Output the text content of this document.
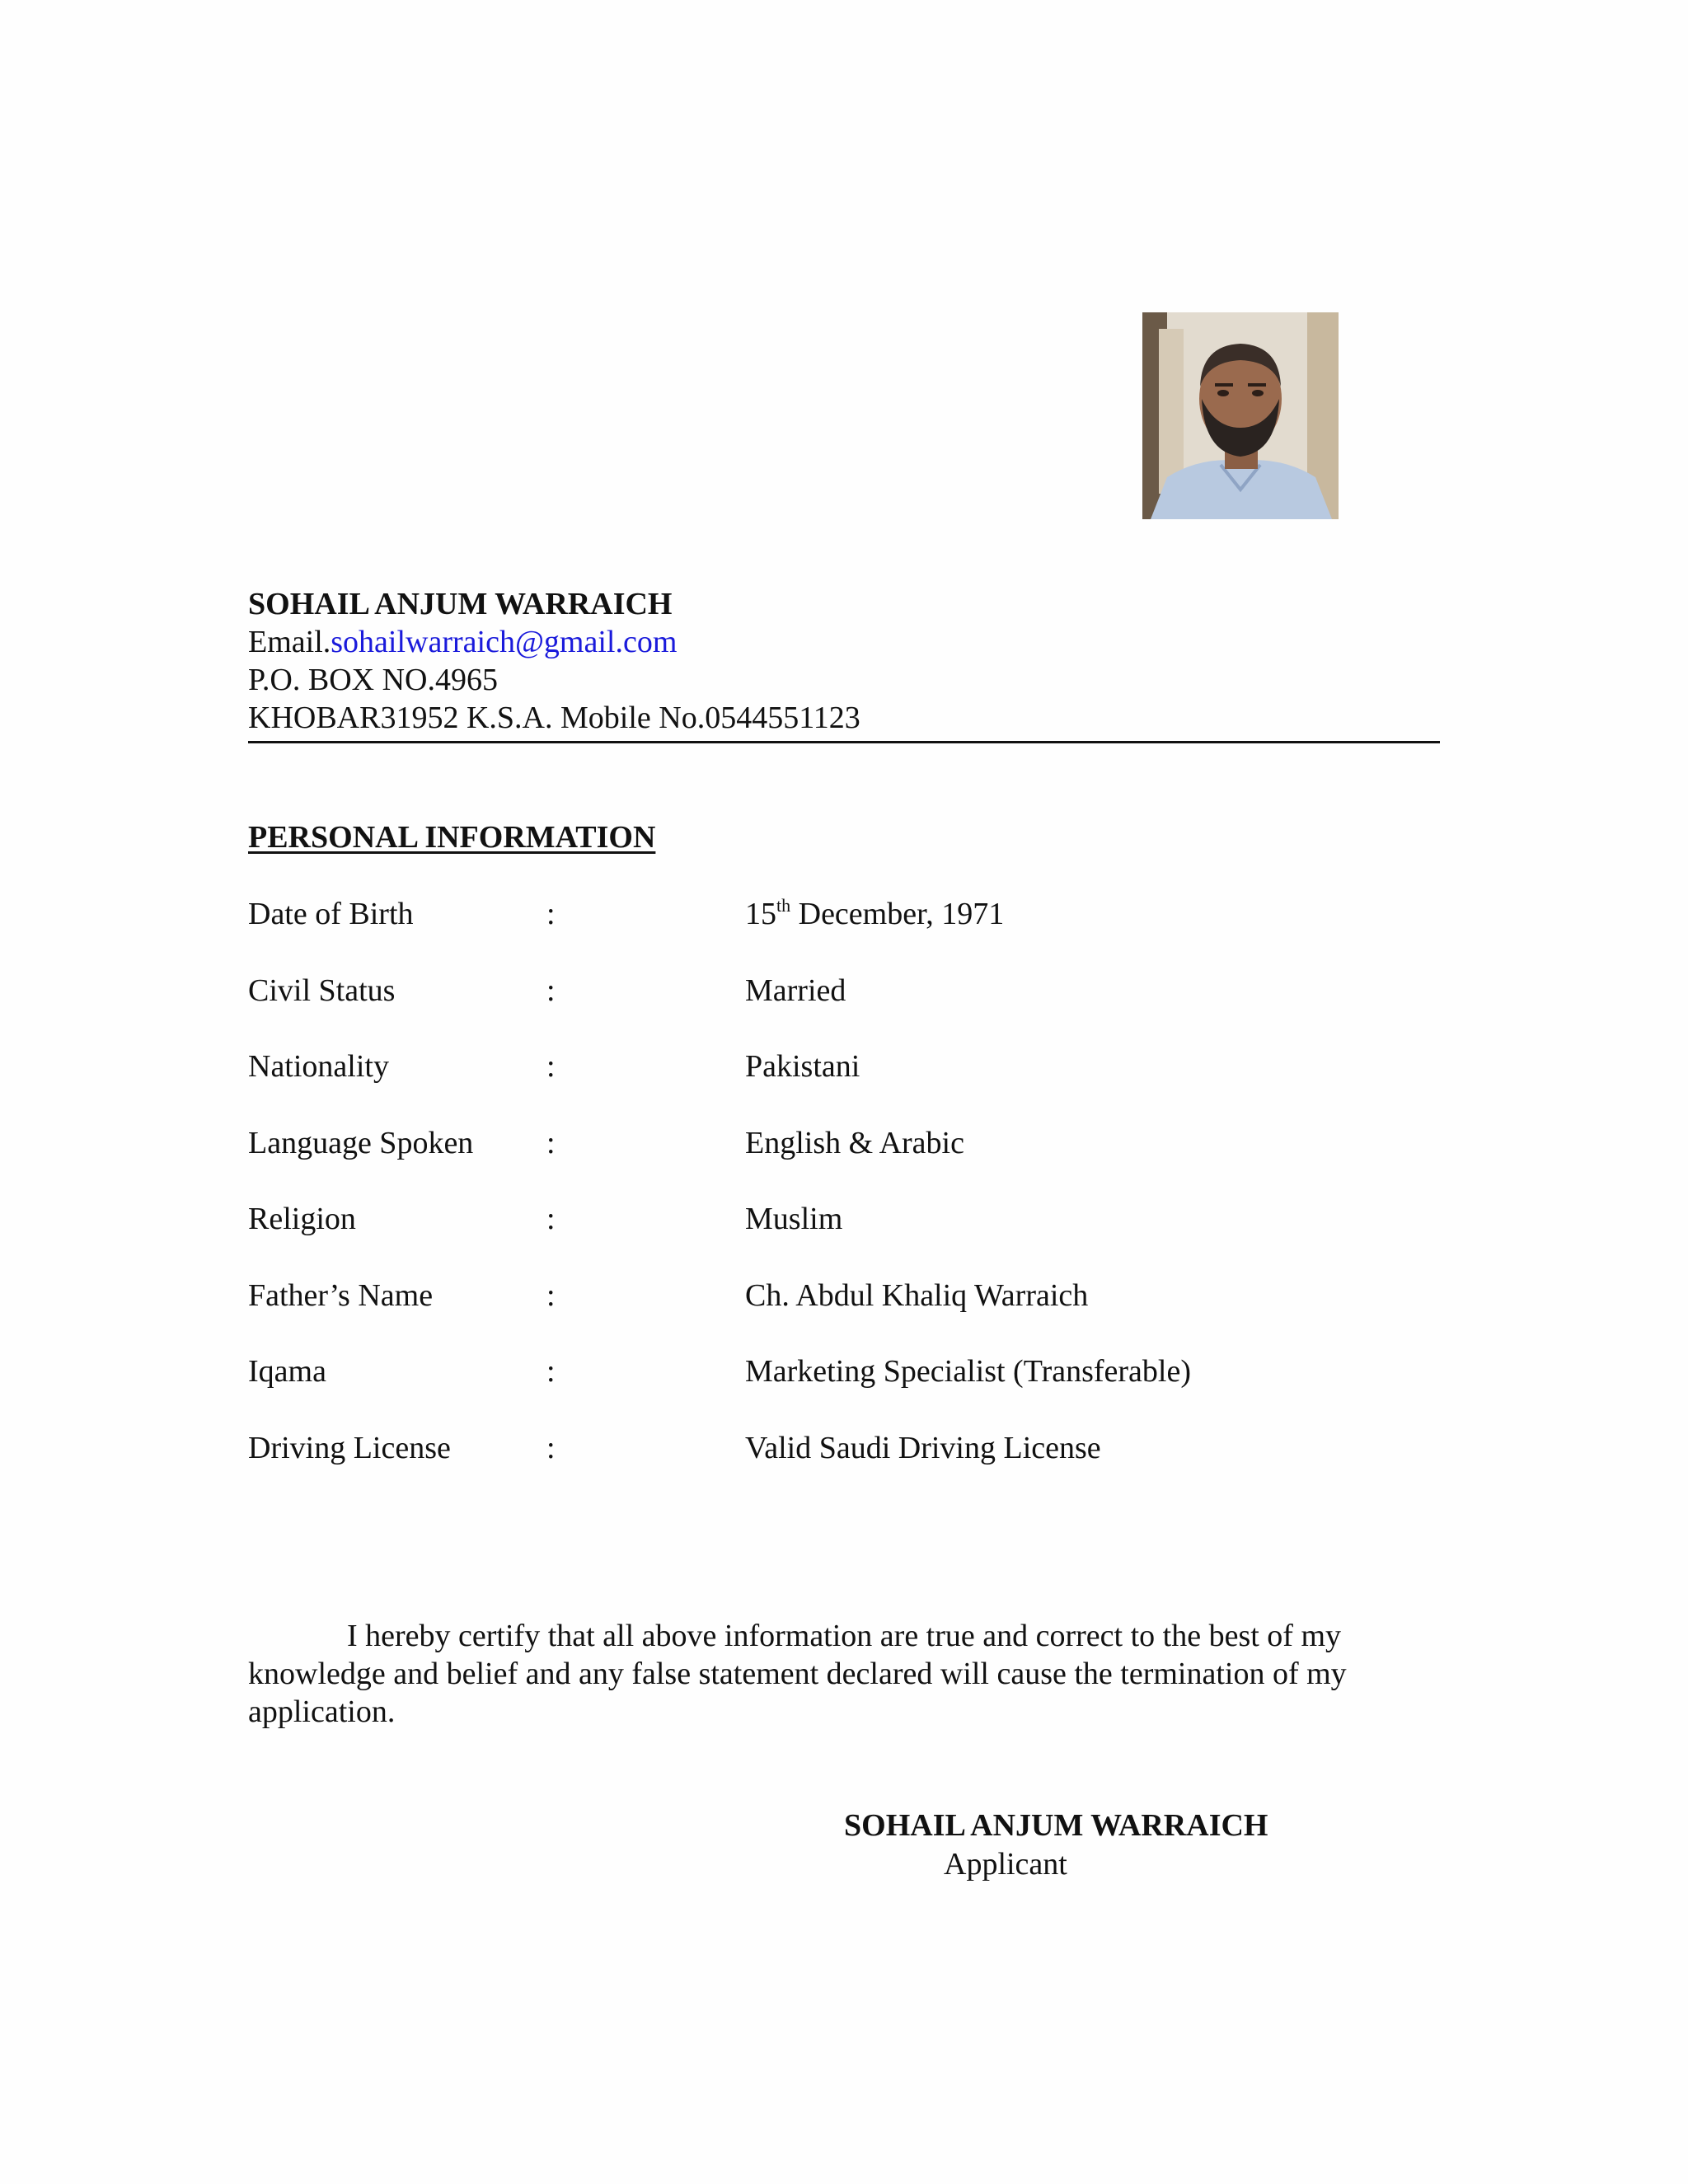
SOHAIL ANJUM WARRAICH
Email.sohailwarraich@gmail.com
P.O. BOX NO.4965
KHOBAR31952 K.S.A. Mobile No.0544551123
PERSONAL INFORMATION
Date of Birth	:	15th December, 1971
Civil Status	:	Married
Nationality	:	Pakistani
Language Spoken :	English & Arabic
Religion	:	Muslim
Father’s Name	:	Ch. Abdul Khaliq Warraich
Iqama	:	Marketing Specialist (Transferable)
Driving License	:	Valid Saudi Driving License
I hereby certify that all above information are true and correct to the best of my knowledge and belief and any false statement declared will cause the termination of my application.
SOHAIL ANJUM WARRAICH
Applicant
